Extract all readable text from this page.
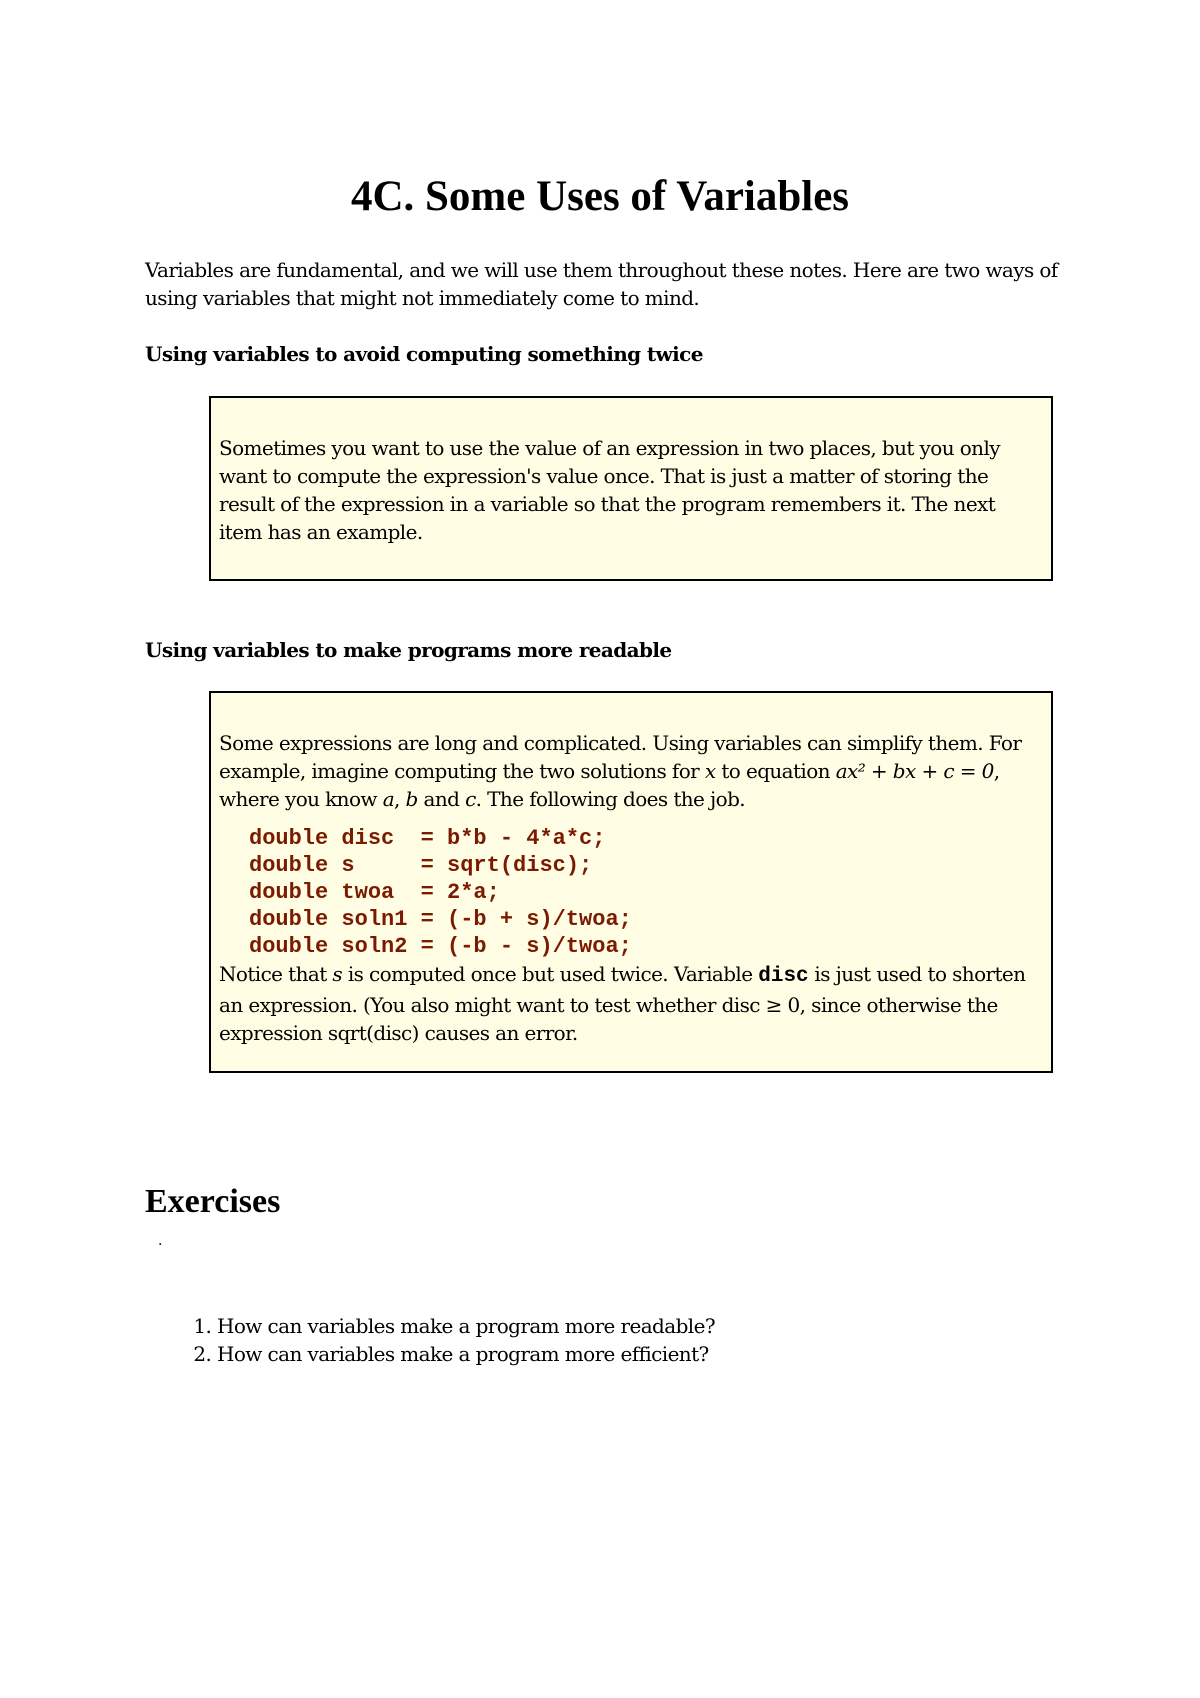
4C. Some Uses of Variables

Variables are fundamental, and we will use them throughout these notes. Here are two ways of using variables that might not immediately come to mind.

Using variables to avoid computing something twice

Sometimes you want to use the value of an expression in two places, but you only want to compute the expression's value once. That is just a matter of storing the result of the expression in a variable so that the program remembers it. The next item has an example.

Using variables to make programs more readable

Some expressions are long and complicated. Using variables can simplify them. For example, imagine computing the two solutions for x to equation ax² + bx + c = 0, where you know a, b and c. The following does the job.

double disc  = b*b - 4*a*c;
double s     = sqrt(disc);
double twoa  = 2*a;
double soln1 = (-b + s)/twoa;
double soln2 = (-b - s)/twoa;

Notice that s is computed once but used twice. Variable disc is just used to shorten an expression. (You also might want to test whether disc ≥ 0, since otherwise the expression sqrt(disc) causes an error.

Exercises
·
1. How can variables make a program more readable?
2. How can variables make a program more efficient?
